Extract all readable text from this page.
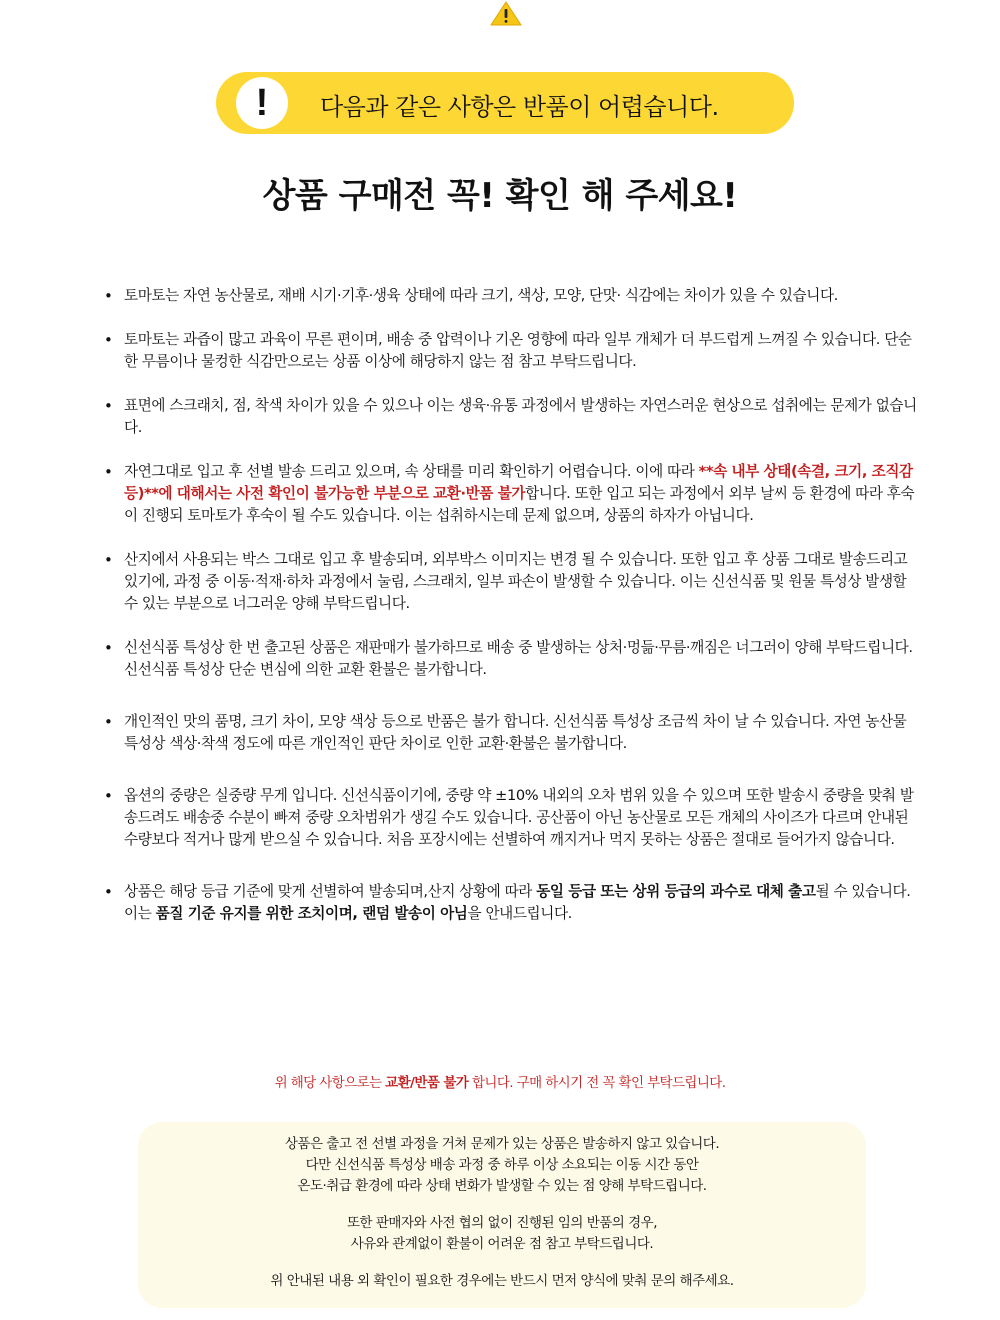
!	다음과 같은 사항은 반품이 어렵습니다.
상품 구매전 꼭! 확인 해 주세요!
• 토마토는 자연 농산물로, 재배 시기·기후·생육 상태에 따라 크기, 색상, 모양, 단맛· 식감에는 차이가 있을 수 있습니다.
• 토마토는 과즙이 많고 과육이 무른 편이며, 배송 중 압력이나 기온 영향에 따라 일부 개체가 더 부드럽게 느껴질 수 있습니다. 단순한 무름이나 물컹한 식감만으로는 상품 이상에 해당하지 않는 점 참고 부탁드립니다.
• 표면에 스크래치, 점, 착색 차이가 있을 수 있으나 이는 생육·유통 과정에서 발생하는 자연스러운 현상으로 섭취에는 문제가 없습니다.
• 자연그대로 입고 후 선별 발송 드리고 있으며, 속 상태를 미리 확인하기 어렵습니다. 이에 따라 **속 내부 상태(속결, 크기, 조직감 등)**에 대해서는 사전 확인이 불가능한 부분으로 교환·반품 불가합니다. 또한 입고 되는 과정에서 외부 날씨 등 환경에 따라 후숙이 진행되 토마토가 후숙이 될 수도 있습니다. 이는 섭취하시는데 문제 없으며, 상품의 하자가 아닙니다.
• 산지에서 사용되는 박스 그대로 입고 후 발송되며, 외부박스 이미지는 변경 될 수 있습니다. 또한 입고 후 상품 그대로 발송드리고 있기에, 과정 중 이동·적재·하차 과정에서 눌림, 스크래치, 일부 파손이 발생할 수 있습니다. 이는 신선식품 및 원물 특성상 발생할 수 있는 부분으로 너그러운 양해 부탁드립니다.
• 신선식품 특성상 한 번 출고된 상품은 재판매가 불가하므로 배송 중 발생하는 상처·멍듦·무름·깨짐은 너그러이 양해 부탁드립니다. 신선식품 특성상 단순 변심에 의한 교환 환불은 불가합니다.
• 개인적인 맛의 품명, 크기 차이, 모양 색상 등으로 반품은 불가 합니다. 신선식품 특성상 조금씩 차이 날 수 있습니다. 자연 농산물 특성상 색상·착색 정도에 따른 개인적인 판단 차이로 인한 교환·환불은 불가합니다.
• 옵션의 중량은 실중량 무게 입니다. 신선식품이기에, 중량 약 ±10% 내외의 오차 범위 있을 수 있으며 또한 발송시 중량을 맞춰 발송드려도 배송중 수분이 빠져 중량 오차범위가 생길 수도 있습니다. 공산품이 아닌 농산물로 모든 개체의 사이즈가 다르며 안내된 수량보다 적거나 많게 받으실 수 있습니다. 처음 포장시에는 선별하여 깨지거나 먹지 못하는 상품은 절대로 들어가지 않습니다.
• 상품은 해당 등급 기준에 맞게 선별하여 발송되며,산지 상황에 따라 동일 등급 또는 상위 등급의 과수로 대체 출고될 수 있습니다. 이는 품질 기준 유지를 위한 조치이며, 랜덤 발송이 아님을 안내드립니다.
위 해당 사항으로는 교환/반품 불가 합니다. 구매 하시기 전 꼭 확인 부탁드립니다.
상품은 출고 전 선별 과정을 거쳐 문제가 있는 상품은 발송하지 않고 있습니다.
다만 신선식품 특성상 배송 과정 중 하루 이상 소요되는 이동 시간 동안
온도·취급 환경에 따라 상태 변화가 발생할 수 있는 점 양해 부탁드립니다.
또한 판매자와 사전 협의 없이 진행된 임의 반품의 경우,
사유와 관계없이 환불이 어려운 점 참고 부탁드립니다.
위 안내된 내용 외 확인이 필요한 경우에는 반드시 먼저 양식에 맞춰 문의 해주세요.
